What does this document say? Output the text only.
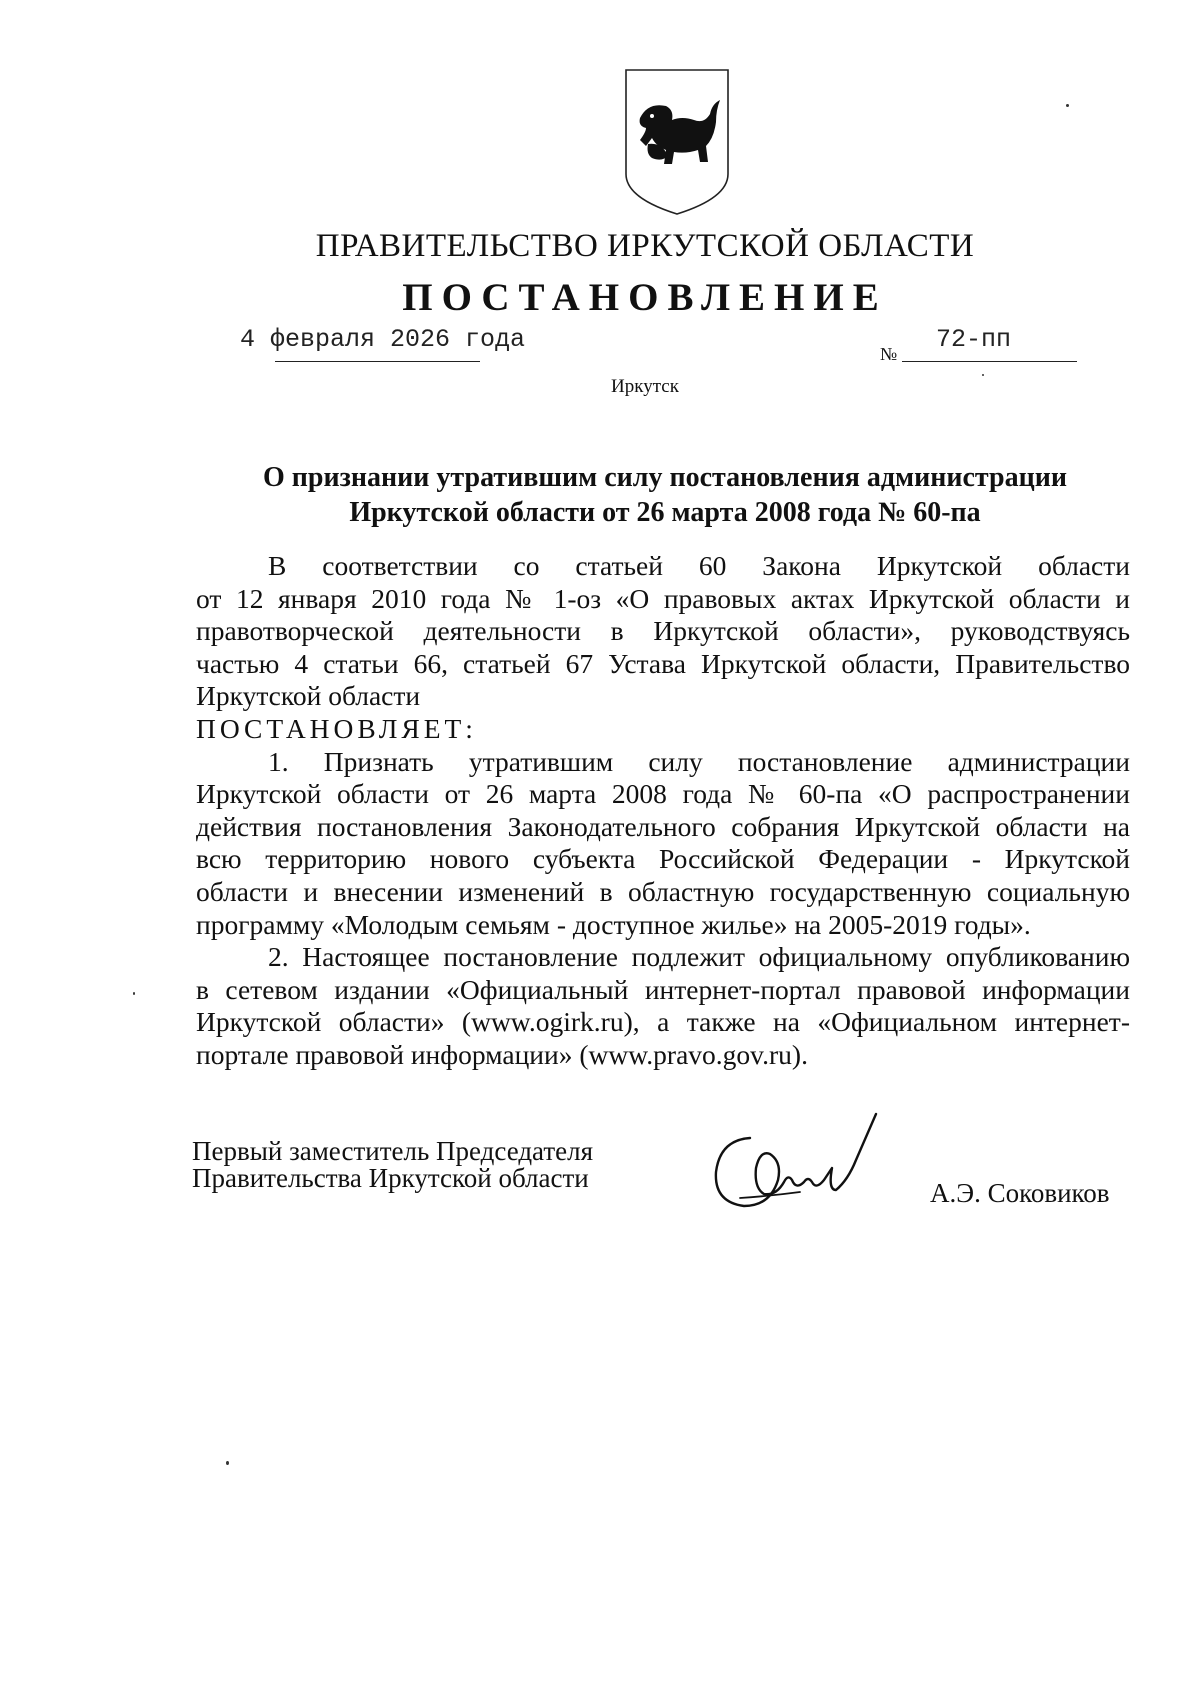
ПРАВИТЕЛЬСТВО ИРКУТСКОЙ ОБЛАСТИ
ПОСТАНОВЛЕНИЕ
4 февраля 2026 года	№ 72-пп
Иркутск
О признании утратившим силу постановления администрации
Иркутской области от 26 марта 2008 года № 60-па

В соответствии со статьей 60 Закона Иркутской области

от 12 января 2010 года № 1-оз «О правовых актах Иркутской области и

правотворческой деятельности в Иркутской области», руководствуясь

частью 4 статьи 66, статьей 67 Устава Иркутской области, Правительство

Иркутской области

ПОСТАНОВЛЯЕТ:

1. Признать утратившим силу постановление администрации

Иркутской области от 26 марта 2008 года № 60-па «О распространении

действия постановления Законодательного собрания Иркутской области на

всю территорию нового субъекта Российской Федерации - Иркутской

области и внесении изменений в областную государственную социальную

программу «Молодым семьям - доступное жилье» на 2005-2019 годы».

2. Настоящее постановление подлежит официальному опубликованию

в сетевом издании «Официальный интернет-портал правовой информации

Иркутской области» (www.ogirk.ru), а также на «Официальном интернет-

портале правовой информации» (www.pravo.gov.ru).

Первый заместитель Председателя
Правительства Иркутской области	А.Э. Соковиков
